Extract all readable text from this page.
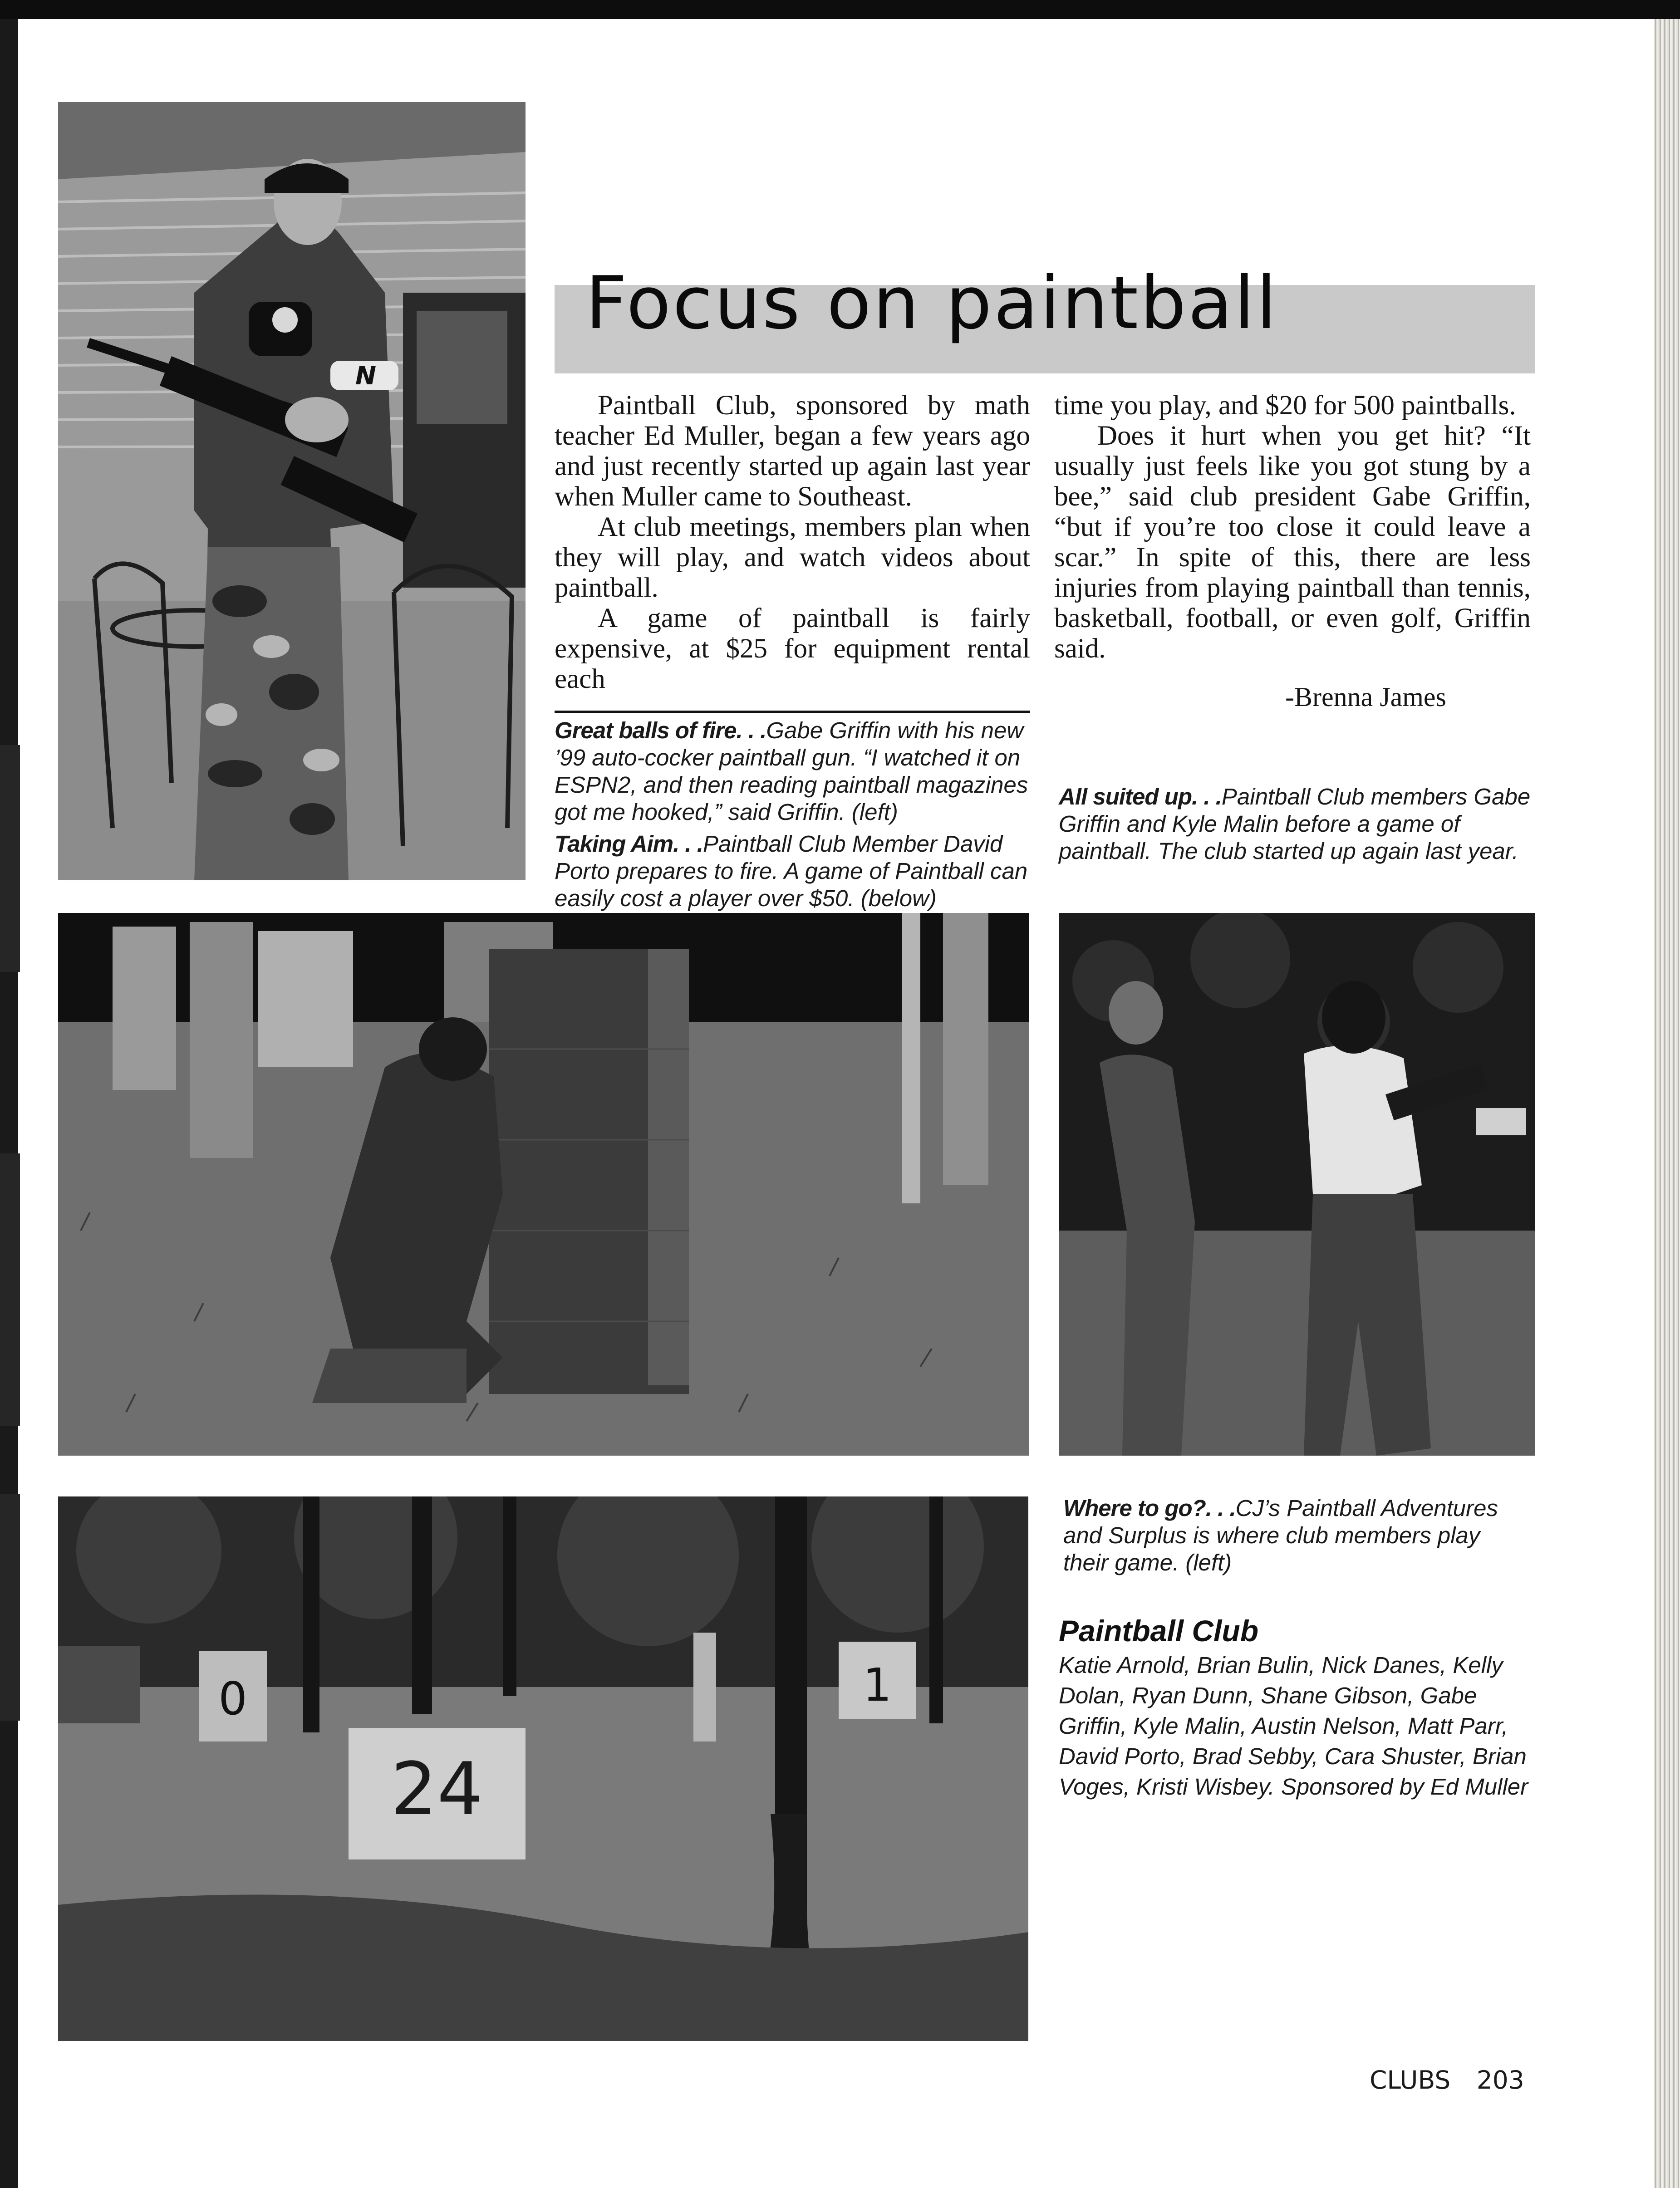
N
Focus on paintball

Paintball Club, sponsored by math teacher Ed Muller, began a few years ago and just recently started up again last year when Muller came to Southeast.

At club meetings, members plan when they will play, and watch videos about paintball.

A game of paintball is fairly expensive, at $25 for equipment rental each

time you play, and $20 for 500 paintballs.

Does it hurt when you get hit? “It usually just feels like you got stung by a bee,” said club president Gabe Griffin, “but if you’re too close it could leave a scar.” In spite of this, there are less injuries from playing paintball than tennis, basketball, football, or even golf, Griffin said.

-Brenna James
Great balls of fire. . .Gabe Griffin with his new ’99 auto-cocker paintball gun. “I watched it on ESPN2, and then reading paintball magazines got me hooked,” said Griffin. (left)
Taking Aim. . .Paintball Club Member David Porto prepares to fire. A game of Paintball can easily cost a player over $50. (below)
All suited up. . .Paintball Club members Gabe Griffin and Kyle Malin before a game of paintball. The club started up again last year.
Where to go?. . .CJ’s Paintball Adventures and Surplus is where club members play their game. (left)
0	1
24
Paintball Club
Katie Arnold, Brian Bulin, Nick Danes, Kelly Dolan, Ryan Dunn, Shane Gibson, Gabe Griffin, Kyle Malin, Austin Nelson, Matt Parr, David Porto, Brad Sebby, Cara Shuster, Brian Voges, Kristi Wisbey. Sponsored by Ed Muller
CLUBS 203
